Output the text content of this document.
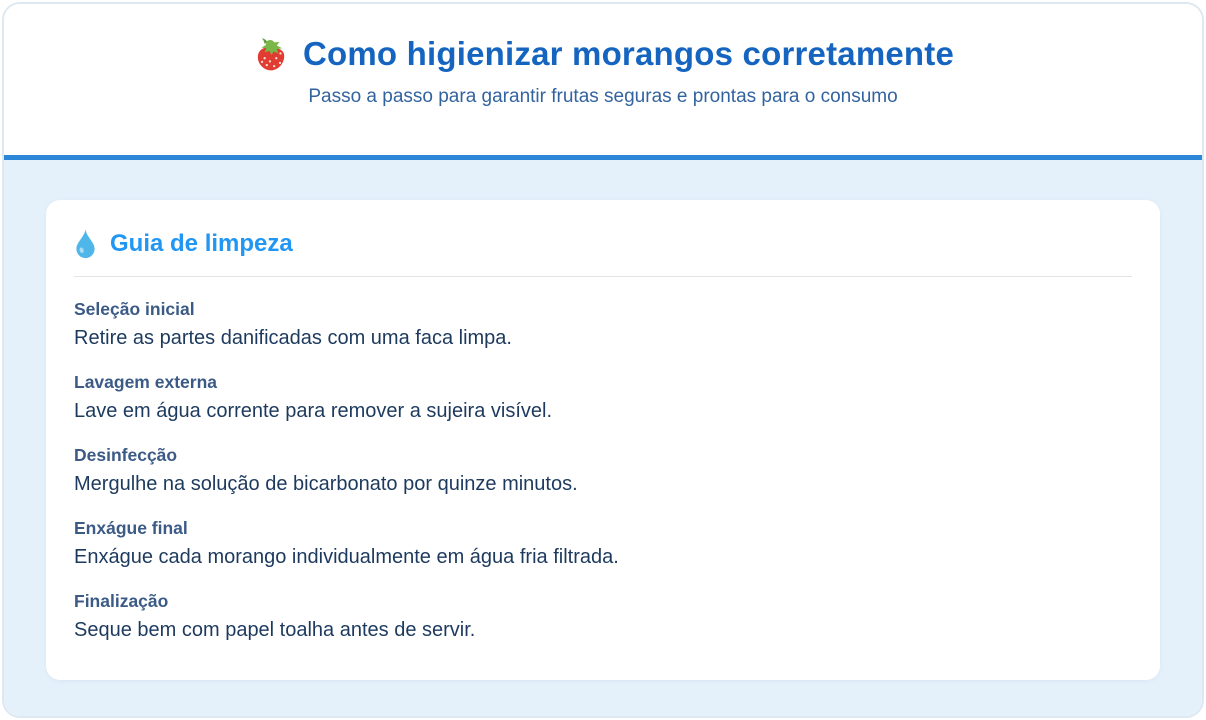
Como higienizar morangos corretamente

Passo a passo para garantir frutas seguras e prontas para o consumo

Guia de limpeza
Seleção inicial
Retire as partes danificadas com uma faca limpa.
Lavagem externa
Lave em água corrente para remover a sujeira visível.
Desinfecção
Mergulhe na solução de bicarbonato por quinze minutos.
Enxágue final
Enxágue cada morango individualmente em água fria filtrada.
Finalização
Seque bem com papel toalha antes de servir.
